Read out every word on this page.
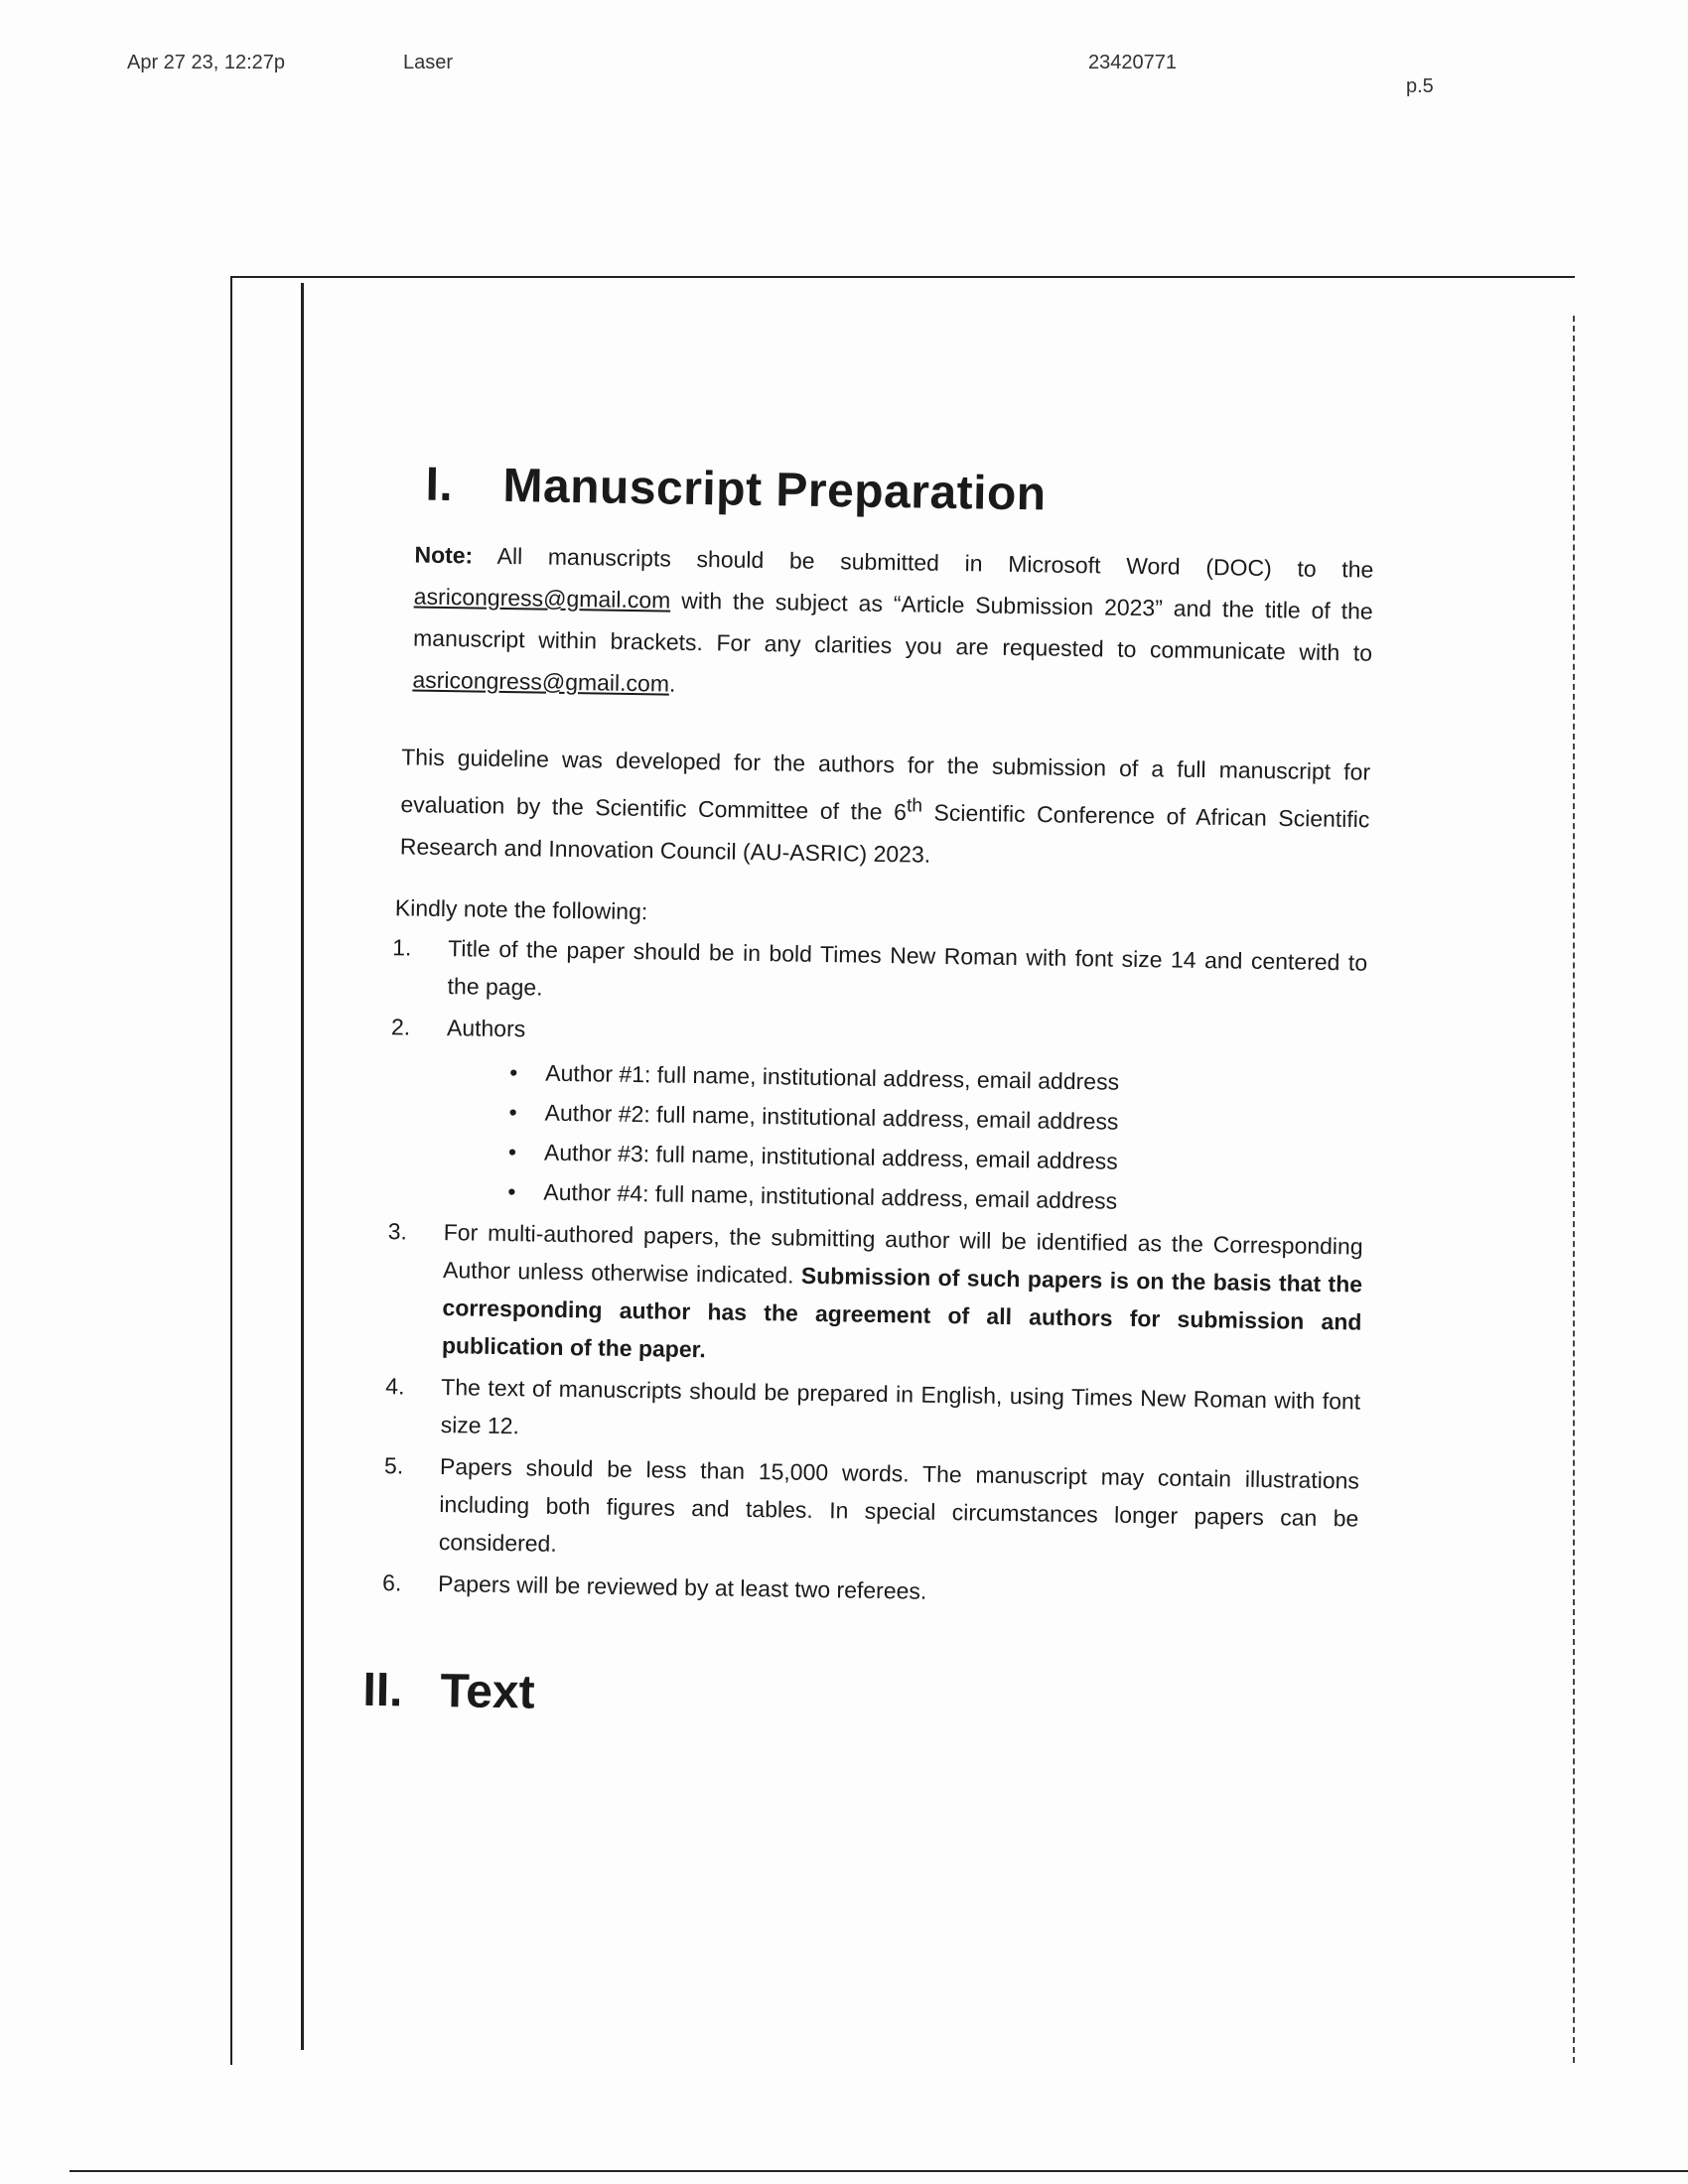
Apr 27 23, 12:27p	Laser	23420771
p.5
I. Manuscript Preparation

Note: All manuscripts should be submitted in Microsoft Word (DOC) to the asricongress@gmail.com with the subject as “Article Submission 2023” and the title of the manuscript within brackets. For any clarities you are requested to communicate with to asricongress@gmail.com.

This guideline was developed for the authors for the submission of a full manuscript for evaluation by the Scientific Committee of the 6th Scientific Conference of African Scientific Research and Innovation Council (AU-ASRIC) 2023.

Kindly note the following:
1. Title of the paper should be in bold Times New Roman with font size 14 and centered to the page.
2. Authors
• Author #1: full name, institutional address, email address
• Author #2: full name, institutional address, email address
• Author #3: full name, institutional address, email address
• Author #4: full name, institutional address, email address
3. For multi-authored papers, the submitting author will be identified as the Corresponding Author unless otherwise indicated. Submission of such papers is on the basis that the corresponding author has the agreement of all authors for submission and publication of the paper.
4. The text of manuscripts should be prepared in English, using Times New Roman with font size 12.
5. Papers should be less than 15,000 words. The manuscript may contain illustrations including both figures and tables. In special circumstances longer papers can be considered.
6. Papers will be reviewed by at least two referees.
II. Text
